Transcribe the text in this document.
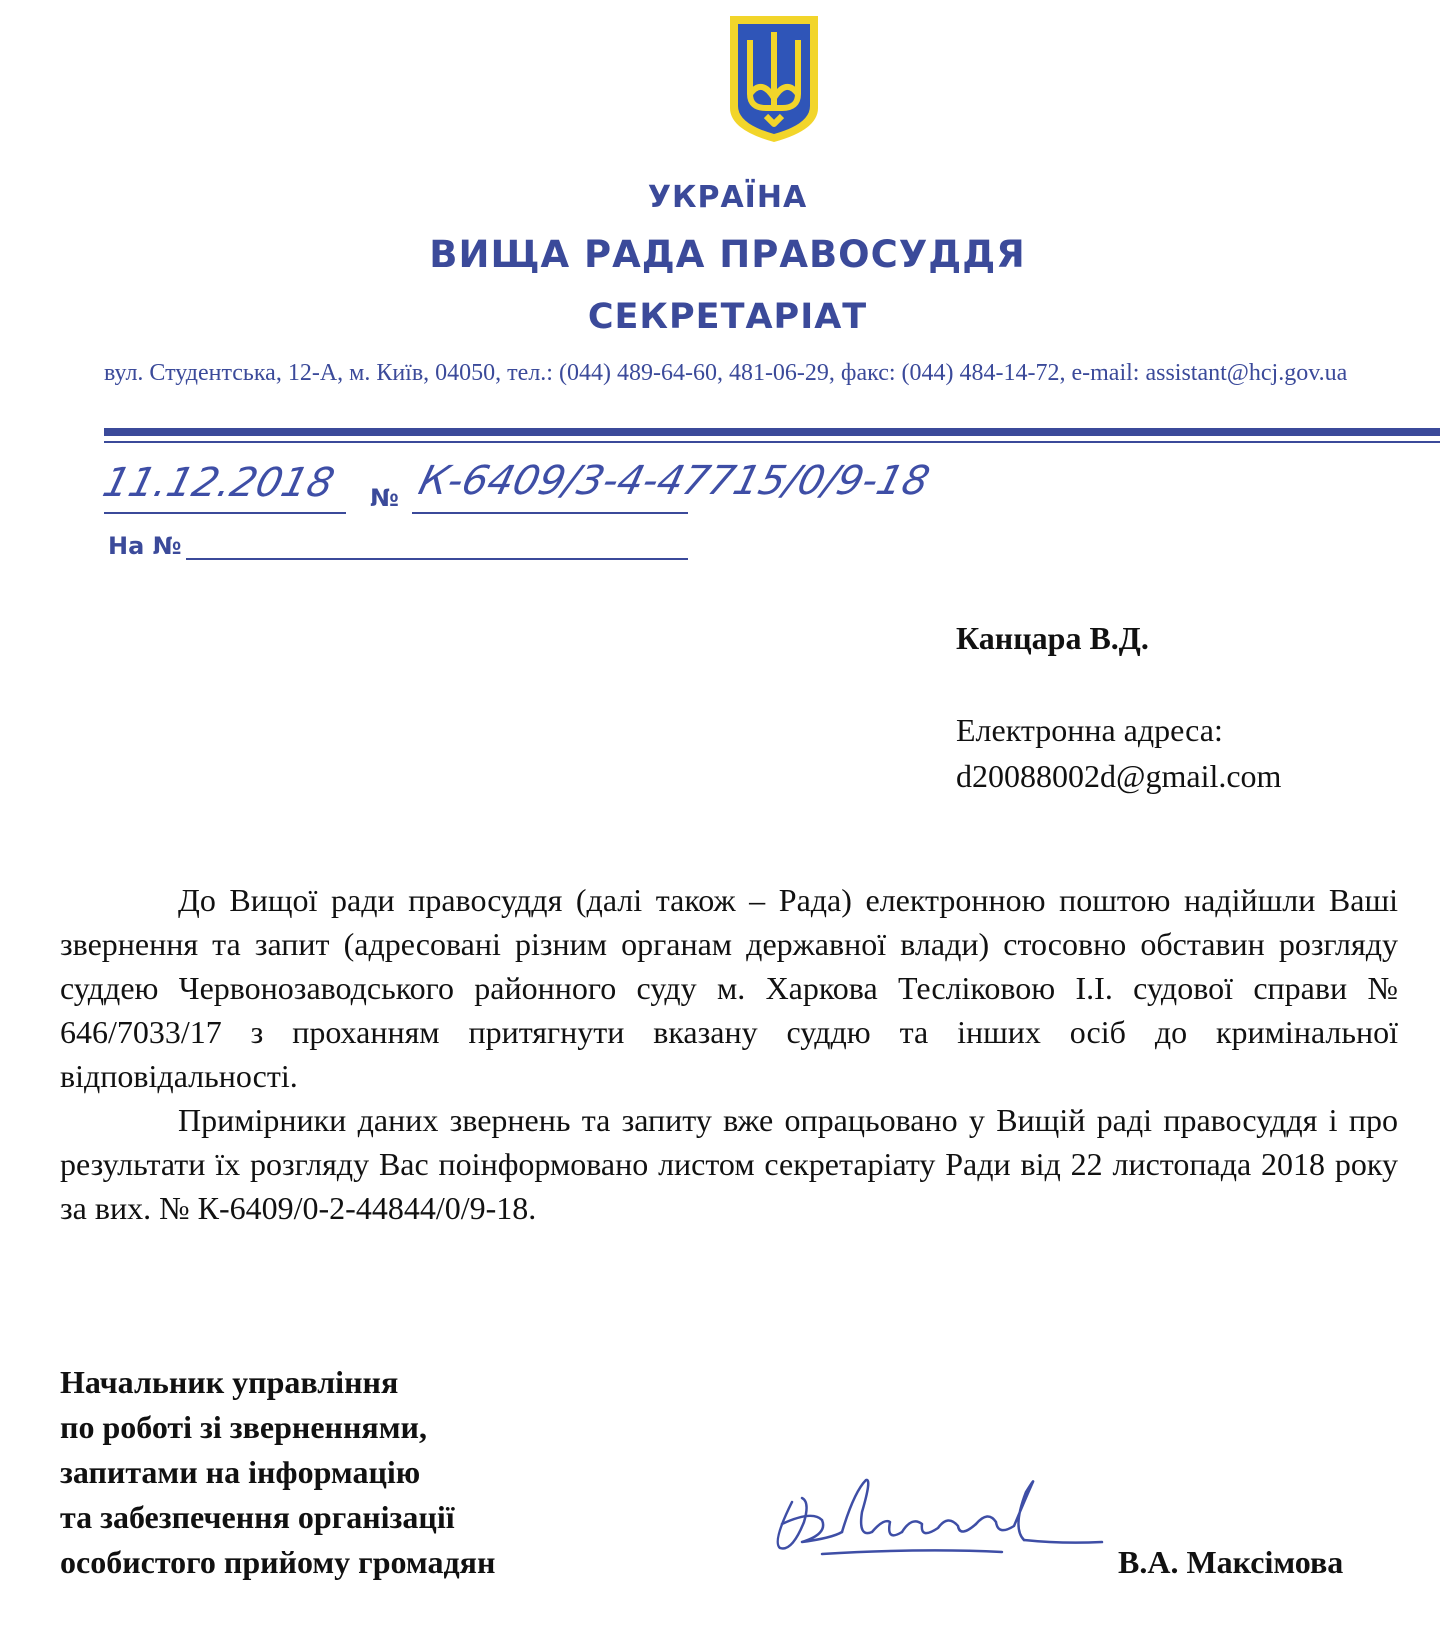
УКРАЇНА
ВИЩА РАДА ПРАВОСУДДЯ
СЕКРЕТАРІАТ
вул. Студентська, 12-А, м. Київ, 04050, тел.: (044) 489-64-60, 481-06-29, факс: (044) 484-14-72, e-mail: assistant@hcj.gov.ua
11.12.2018 № К-6409/3-4-47715/0/9-18
На №
Канцара В.Д.
Електронна адреса:
d20088002d@gmail.com

До Вищої ради правосуддя (далі також – Рада) електронною поштою надійшли Ваші звернення та запит (адресовані різним органам державної влади) стосовно обставин розгляду суддею Червонозаводського районного суду м. Харкова Тесліковою І.І. судової справи № 646/7033/17 з проханням притягнути вказану суддю та інших осіб до кримінальної відповідальності.

Примірники даних звернень та запиту вже опрацьовано у Вищій раді правосуддя і про результати їх розгляду Вас поінформовано листом секретаріату Ради від 22 листопада 2018 року за вих. № К-6409/0-2-44844/0/9-18.

Начальник управління
по роботі зі зверненнями,
запитами на інформацію
та забезпечення організації
особистого прийому громадян	В.А. Максімова
